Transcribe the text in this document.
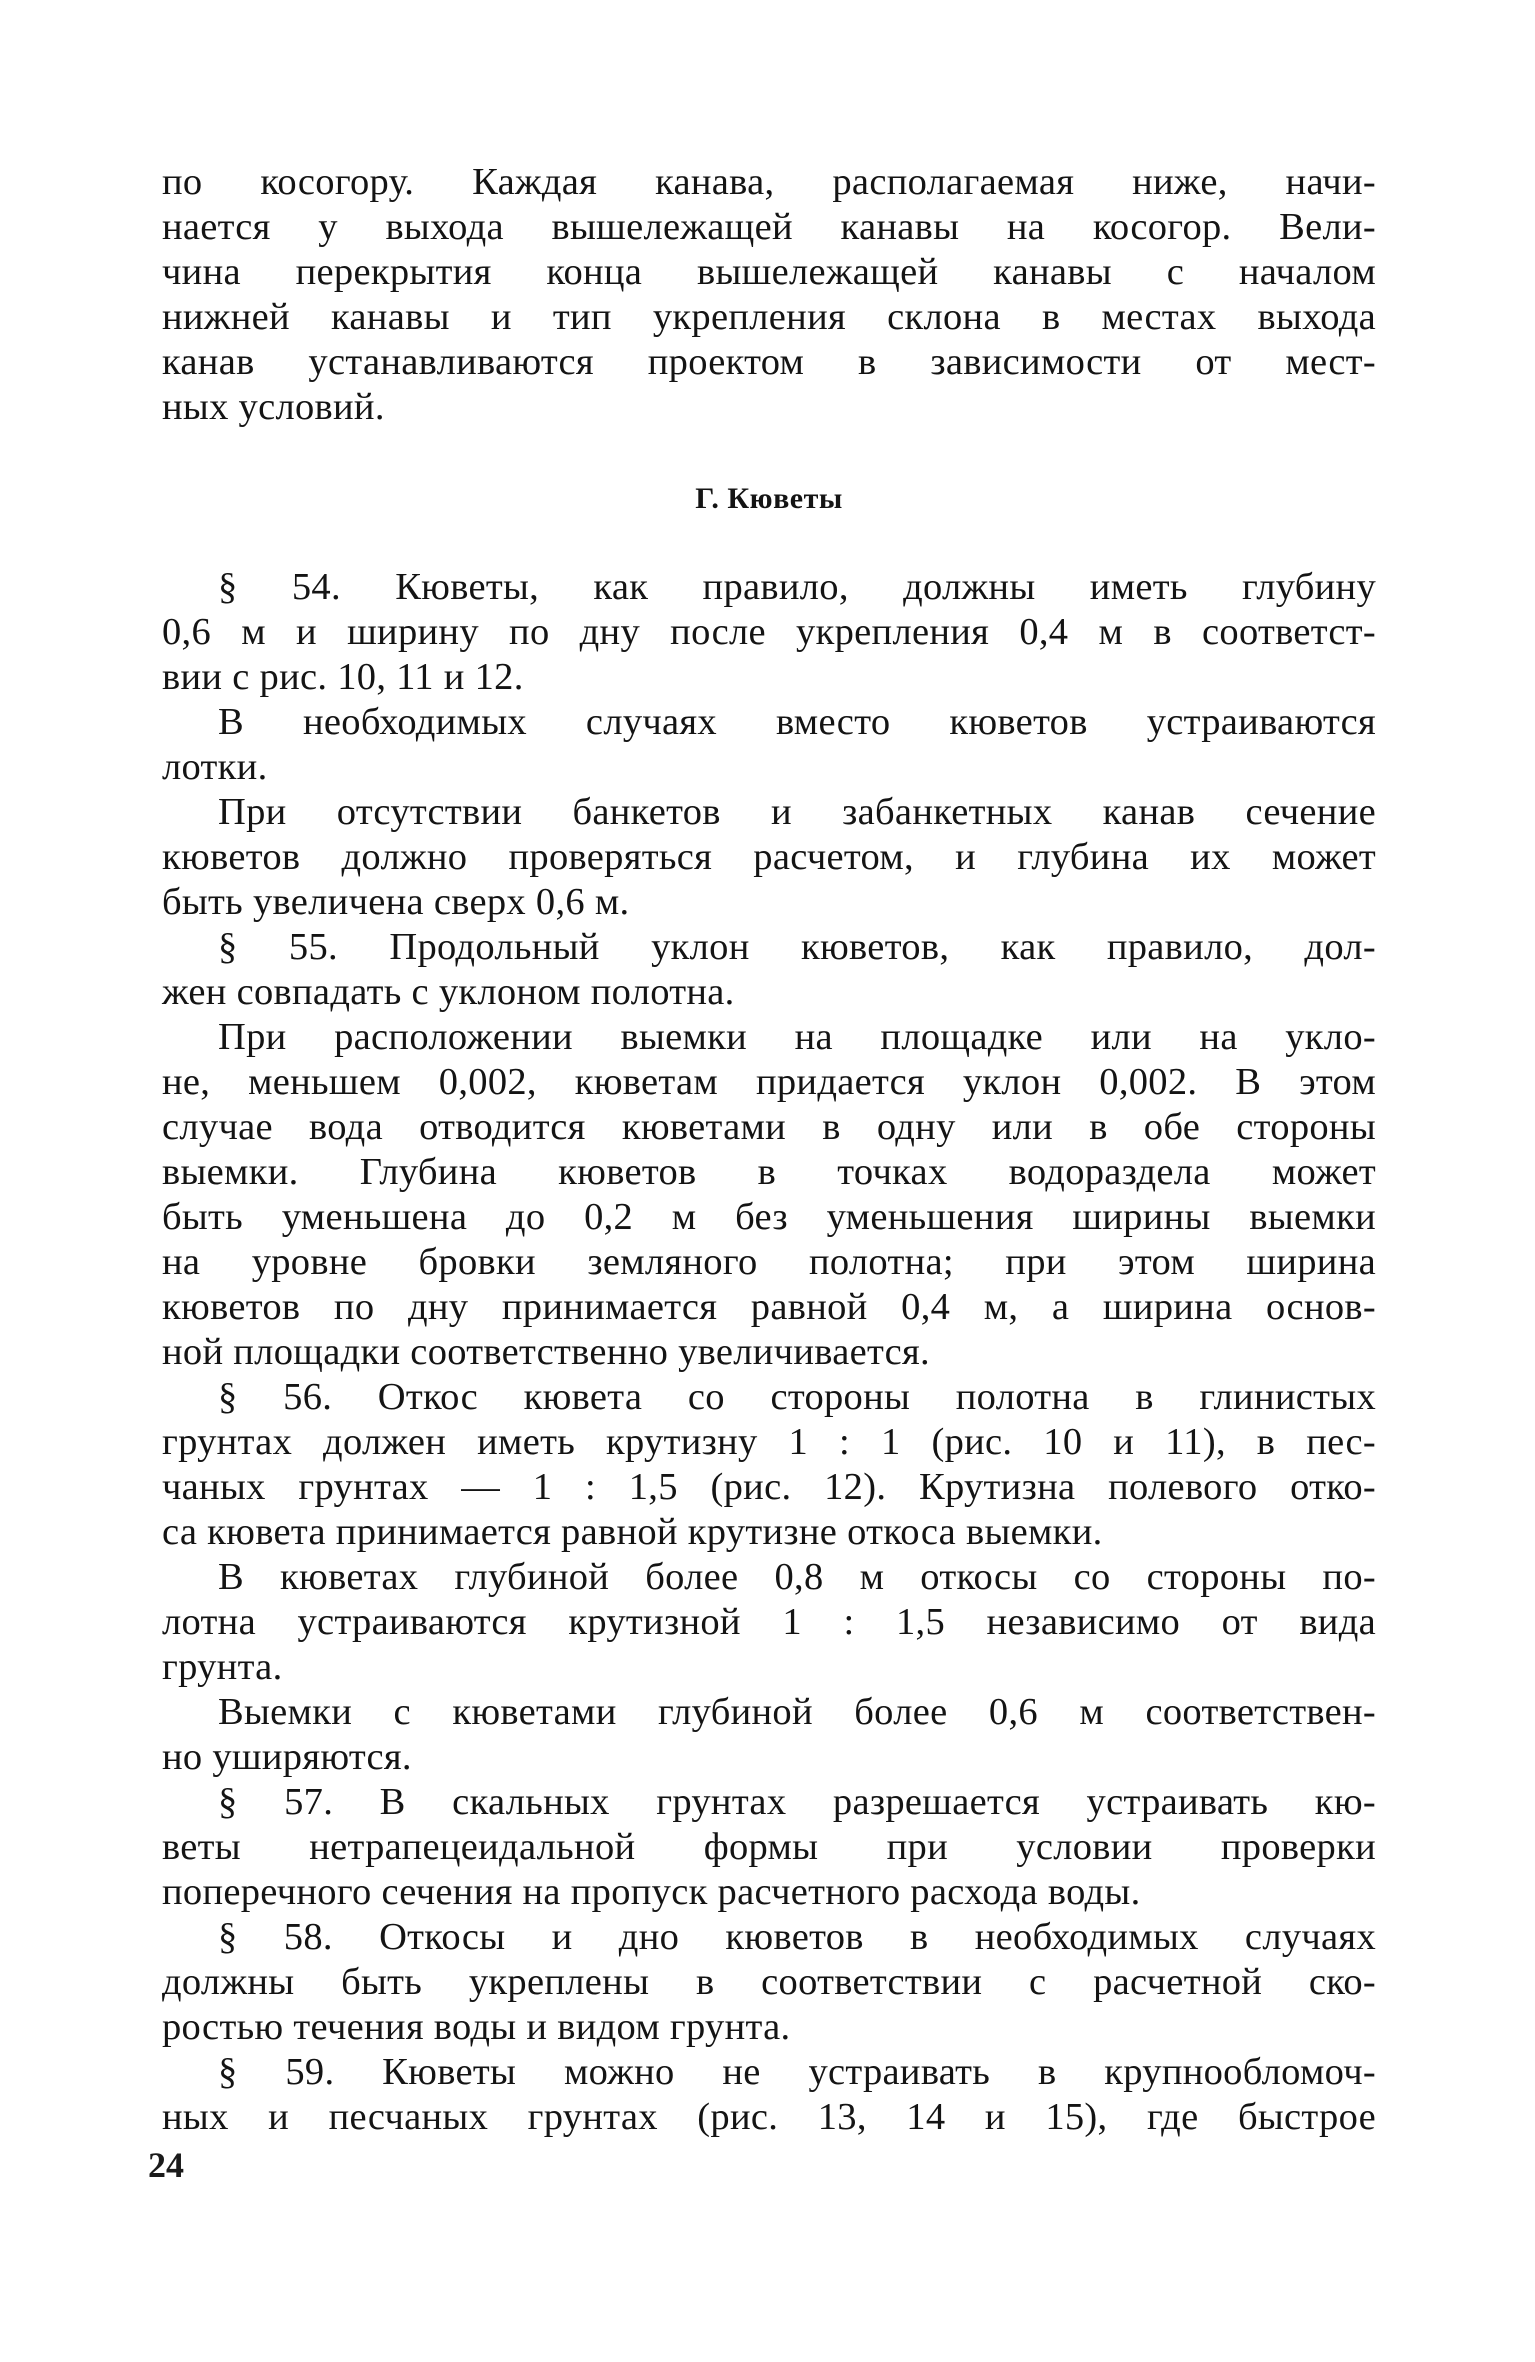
по косогору. Каждая канава, располагаемая ниже, начи-
нается у выхода вышележащей канавы на косогор. Вели-
чина перекрытия конца вышележащей канавы с началом
нижней канавы и тип укрепления склона в местах выхода
канав устанавливаются проектом в зависимости от мест-
ных условий.
Г. Кюветы
§ 54. Кюветы, как правило, должны иметь глубину
0,6 м и ширину по дну после укрепления 0,4 м в соответст-
вии с рис. 10, 11 и 12.
В необходимых случаях вместо кюветов устраиваются
лотки.
При отсутствии банкетов и забанкетных канав сечение
кюветов должно проверяться расчетом, и глубина их может
быть увеличена сверх 0,6 м.
§ 55. Продольный уклон кюветов, как правило, дол-
жен совпадать с уклоном полотна.
При расположении выемки на площадке или на укло-
не, меньшем 0,002, кюветам придается уклон 0,002. В этом
случае вода отводится кюветами в одну или в обе стороны
выемки. Глубина кюветов в точках водораздела может
быть уменьшена до 0,2 м без уменьшения ширины выемки
на уровне бровки земляного полотна; при этом ширина
кюветов по дну принимается равной 0,4 м, а ширина основ-
ной площадки соответственно увеличивается.
§ 56. Откос кювета со стороны полотна в глинистых
грунтах должен иметь крутизну 1 : 1 (рис. 10 и 11), в пес-
чаных грунтах — 1 : 1,5 (рис. 12). Крутизна полевого отко-
са кювета принимается равной крутизне откоса выемки.
В кюветах глубиной более 0,8 м откосы со стороны по-
лотна устраиваются крутизной 1 : 1,5 независимо от вида
грунта.
Выемки с кюветами глубиной более 0,6 м соответствен-
но уширяются.
§ 57. В скальных грунтах разрешается устраивать кю-
веты нетрапецеидальной формы при условии проверки
поперечного сечения на пропуск расчетного расхода воды.
§ 58. Откосы и дно кюветов в необходимых случаях
должны быть укреплены в соответствии с расчетной ско-
ростью течения воды и видом грунта.
§ 59. Кюветы можно не устраивать в крупнообломоч-
ных и песчаных грунтах (рис. 13, 14 и 15), где быстрое
24
